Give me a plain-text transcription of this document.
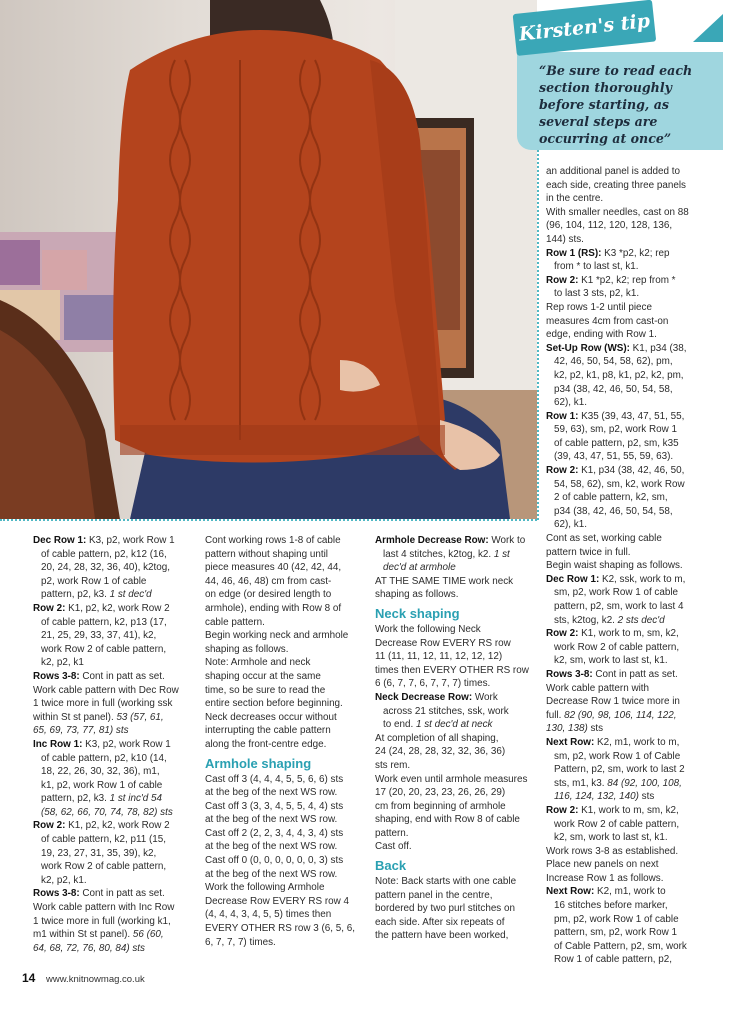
Kirsten's tip
“Be sure to read each section thoroughly before starting, as several steps are occurring at once”

an additional panel is added to

each side, creating three panels

in the centre.

With smaller needles, cast on 88

(96, 104, 112, 120, 128, 136,

144) sts.

Row 1 (RS): K3 *p2, k2; rep

from * to last st, k1.

Row 2: K1 *p2, k2; rep from *

to last 3 sts, p2, k1.

Rep rows 1-2 until piece

measures 4cm from cast-on

edge, ending with Row 1.

Set-Up Row (WS): K1, p34 (38,

42, 46, 50, 54, 58, 62), pm,

k2, p2, k1, p8, k1, p2, k2, pm,

p34 (38, 42, 46, 50, 54, 58,

62), k1.

Row 1: K35 (39, 43, 47, 51, 55,

59, 63), sm, p2, work Row 1

of cable pattern, p2, sm, k35

(39, 43, 47, 51, 55, 59, 63).

Row 2: K1, p34 (38, 42, 46, 50,

54, 58, 62), sm, k2, work Row

2 of cable pattern, k2, sm,

p34 (38, 42, 46, 50, 54, 58,

62), k1.

Cont as set, working cable

pattern twice in full.

Begin waist shaping as follows.

Dec Row 1: K2, ssk, work to m,

sm, p2, work Row 1 of cable

pattern, p2, sm, work to last 4

sts, k2tog, k2. 2 sts dec'd

Row 2: K1, work to m, sm, k2,

work Row 2 of cable pattern,

k2, sm, work to last st, k1.

Rows 3-8: Cont in patt as set.

Work cable pattern with

Decrease Row 1 twice more in

full. 82 (90, 98, 106, 114, 122,

130, 138) sts

Next Row: K2, m1, work to m,

sm, p2, work Row 1 of Cable

Pattern, p2, sm, work to last 2

sts, m1, k3. 84 (92, 100, 108,

116, 124, 132, 140) sts

Row 2: K1, work to m, sm, k2,

work Row 2 of cable pattern,

k2, sm, work to last st, k1.

Work rows 3-8 as established.

Place new panels on next

Increase Row 1 as follows.

Next Row: K2, m1, work to

16 stitches before marker,

pm, p2, work Row 1 of cable

pattern, sm, p2, work Row 1

of Cable Pattern, p2, sm, work

Row 1 of cable pattern, p2,

Dec Row 1: K3, p2, work Row 1

of cable pattern, p2, k12 (16,

20, 24, 28, 32, 36, 40), k2tog,

p2, work Row 1 of cable

pattern, p2, k3. 1 st dec'd

Row 2: K1, p2, k2, work Row 2

of cable pattern, k2, p13 (17,

21, 25, 29, 33, 37, 41), k2,

work Row 2 of cable pattern,

k2, p2, k1

Rows 3-8: Cont in patt as set.

Work cable pattern with Dec Row

1 twice more in full (working ssk

within St st panel). 53 (57, 61,

65, 69, 73, 77, 81) sts

Inc Row 1: K3, p2, work Row 1

of cable pattern, p2, k10 (14,

18, 22, 26, 30, 32, 36), m1,

k1, p2, work Row 1 of cable

pattern, p2, k3. 1 st inc'd 54

(58, 62, 66, 70, 74, 78, 82) sts

Row 2: K1, p2, k2, work Row 2

of cable pattern, k2, p11 (15,

19, 23, 27, 31, 35, 39), k2,

work Row 2 of cable pattern,

k2, p2, k1.

Rows 3-8: Cont in patt as set.

Work cable pattern with Inc Row

1 twice more in full (working k1,

m1 within St st panel). 56 (60,

64, 68, 72, 76, 80, 84) sts

Cont working rows 1-8 of cable

pattern without shaping until

piece measures 40 (42, 42, 44,

44, 46, 46, 48) cm from cast-

on edge (or desired length to

armhole), ending with Row 8 of

cable pattern.

Begin working neck and armhole

shaping as follows.

Note: Armhole and neck

shaping occur at the same

time, so be sure to read the

entire section before beginning.

Neck decreases occur without

interrupting the cable pattern

along the front-centre edge.

Armhole shaping

Cast off 3 (4, 4, 4, 5, 5, 6, 6) sts

at the beg of the next WS row.

Cast off 3 (3, 3, 4, 5, 5, 4, 4) sts

at the beg of the next WS row.

Cast off 2 (2, 2, 3, 4, 4, 3, 4) sts

at the beg of the next WS row.

Cast off 0 (0, 0, 0, 0, 0, 0, 3) sts

at the beg of the next WS row.

Work the following Armhole

Decrease Row EVERY RS row 4

(4, 4, 4, 3, 4, 5, 5) times then

EVERY OTHER RS row 3 (6, 5, 6,

6, 7, 7, 7) times.

Armhole Decrease Row: Work to

last 4 stitches, k2tog, k2. 1 st

dec'd at armhole

AT THE SAME TIME work neck

shaping as follows.

Neck shaping

Work the following Neck

Decrease Row EVERY RS row

11 (11, 11, 12, 11, 12, 12, 12)

times then EVERY OTHER RS row

6 (6, 7, 7, 6, 7, 7, 7) times.

Neck Decrease Row: Work

across 21 stitches, ssk, work

to end. 1 st dec'd at neck

At completion of all shaping,

24 (24, 28, 28, 32, 32, 36, 36)

sts rem.

Work even until armhole measures

17 (20, 20, 23, 23, 26, 26, 29)

cm from beginning of armhole

shaping, end with Row 8 of cable

pattern.

Cast off.

Back

Note: Back starts with one cable

pattern panel in the centre,

bordered by two purl stitches on

each side. After six repeats of

the pattern have been worked,

14 www.knitnowmag.co.uk
